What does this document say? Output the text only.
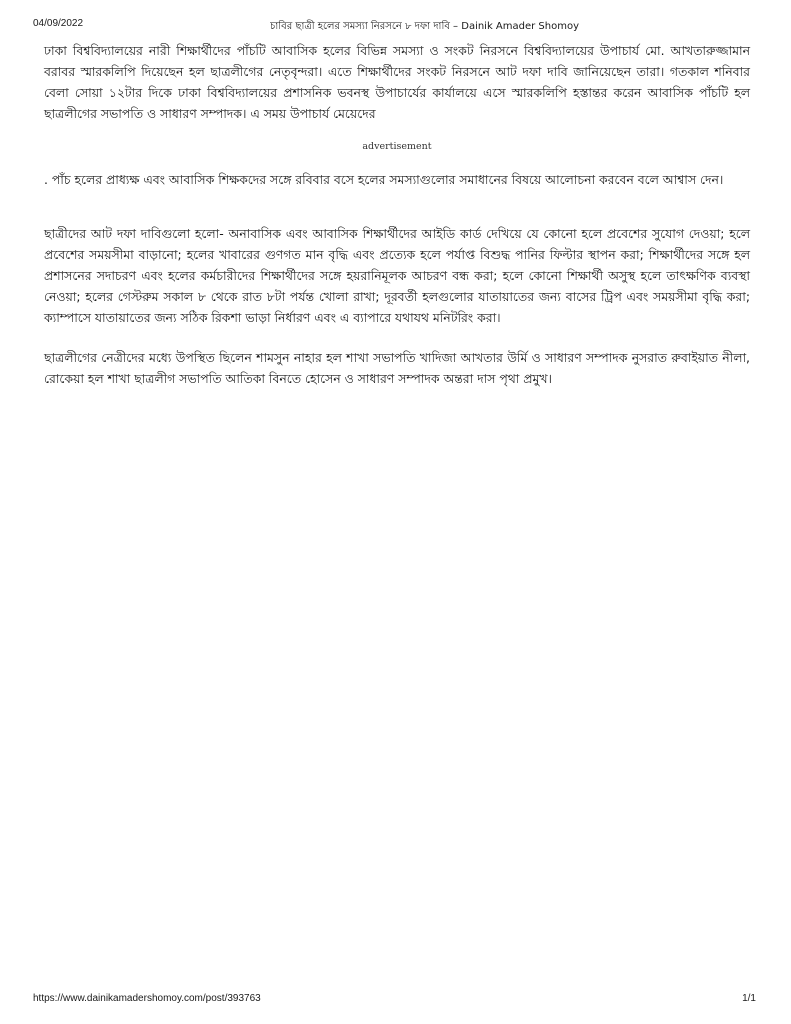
04/09/2022	চাবির ছাত্রী হলের সমস্যা নিরসনে ৮ দফা দাবি – Dainik Amader Shomoy

ঢাকা বিশ্ববিদ্যালয়ের নারী শিক্ষার্থীদের পাঁচটি আবাসিক হলের বিভিন্ন সমস্যা ও সংকট নিরসনে বিশ্ববিদ্যালয়ের উপাচার্য মো. আখতারুজ্জামান বরাবর স্মারকলিপি দিয়েছেন হল ছাত্রলীগের নেতৃবৃন্দরা। এতে শিক্ষার্থীদের সংকট নিরসনে আট দফা দাবি জানিয়েছেন তারা। গতকাল শনিবার বেলা সোয়া ১২টার দিকে ঢাকা বিশ্ববিদ্যালয়ের প্রশাসনিক ভবনস্থ উপাচার্যের কার্যালয়ে এসে স্মারকলিপি হস্তান্তর করেন আবাসিক পাঁচটি হল ছাত্রলীগের সভাপতি ও সাধারণ সম্পাদক। এ সময় উপাচার্য মেয়েদের

advertisement

. পাঁচ হলের প্রাধ্যক্ষ এবং আবাসিক শিক্ষকদের সঙ্গে রবিবার বসে হলের সমস্যাগুলোর সমাধানের বিষয়ে আলোচনা করবেন বলে আশ্বাস দেন।

ছাত্রীদের আট দফা দাবিগুলো হলো- অনাবাসিক এবং আবাসিক শিক্ষার্থীদের আইডি কার্ড দেখিয়ে যে কোনো হলে প্রবেশের সুযোগ দেওয়া; হলে প্রবেশের সময়সীমা বাড়ানো; হলের খাবারের গুণগত মান বৃদ্ধি এবং প্রত্যেক হলে পর্যাপ্ত বিশুদ্ধ পানির ফিল্টার স্থাপন করা; শিক্ষার্থীদের সঙ্গে হল প্রশাসনের সদাচরণ এবং হলের কর্মচারীদের শিক্ষার্থীদের সঙ্গে হয়রানিমূলক আচরণ বন্ধ করা; হলে কোনো শিক্ষার্থী অসুস্থ হলে তাৎক্ষণিক ব্যবস্থা নেওয়া; হলের গেস্টরুম সকাল ৮ থেকে রাত ৮টা পর্যন্ত খোলা রাখা; দূরবর্তী হলগুলোর যাতায়াতের জন্য বাসের ট্রিপ এবং সময়সীমা বৃদ্ধি করা; ক্যাম্পাসে যাতায়াতের জন্য সঠিক রিকশা ভাড়া নির্ধারণ এবং এ ব্যাপারে যথাযথ মনিটরিং করা।

ছাত্রলীগের নেত্রীদের মধ্যে উপস্থিত ছিলেন শামসুন নাহার হল শাখা সভাপতি খাদিজা আখতার উর্মি ও সাধারণ সম্পাদক নুসরাত রুবাইয়াত নীলা, রোকেয়া হল শাখা ছাত্রলীগ সভাপতি আতিকা বিনতে হোসেন ও সাধারণ সম্পাদক অন্তরা দাস পৃথা প্রমুখ।

https://www.dainikamadershomoy.com/post/393763	1/1
